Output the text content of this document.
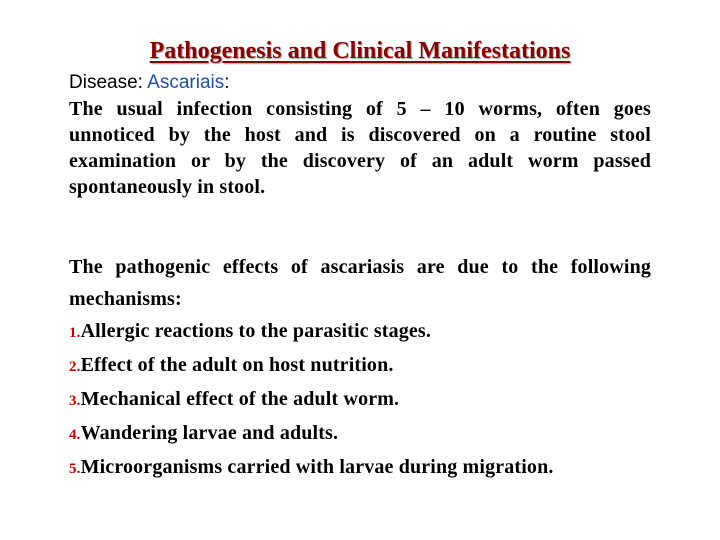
Pathogenesis and Clinical Manifestations
Disease: Ascariais:
The usual infection consisting of 5 – 10 worms, often goes unnoticed by the host and is discovered on a routine stool examination or by the discovery of an adult worm passed spontaneously in stool.
The pathogenic effects of ascariasis are due to the following mechanisms:
1.Allergic reactions to the parasitic stages.
2.Effect of the adult on host nutrition.
3.Mechanical effect of the adult worm.
4.Wandering larvae and adults.
5.Microorganisms carried with larvae during migration.
